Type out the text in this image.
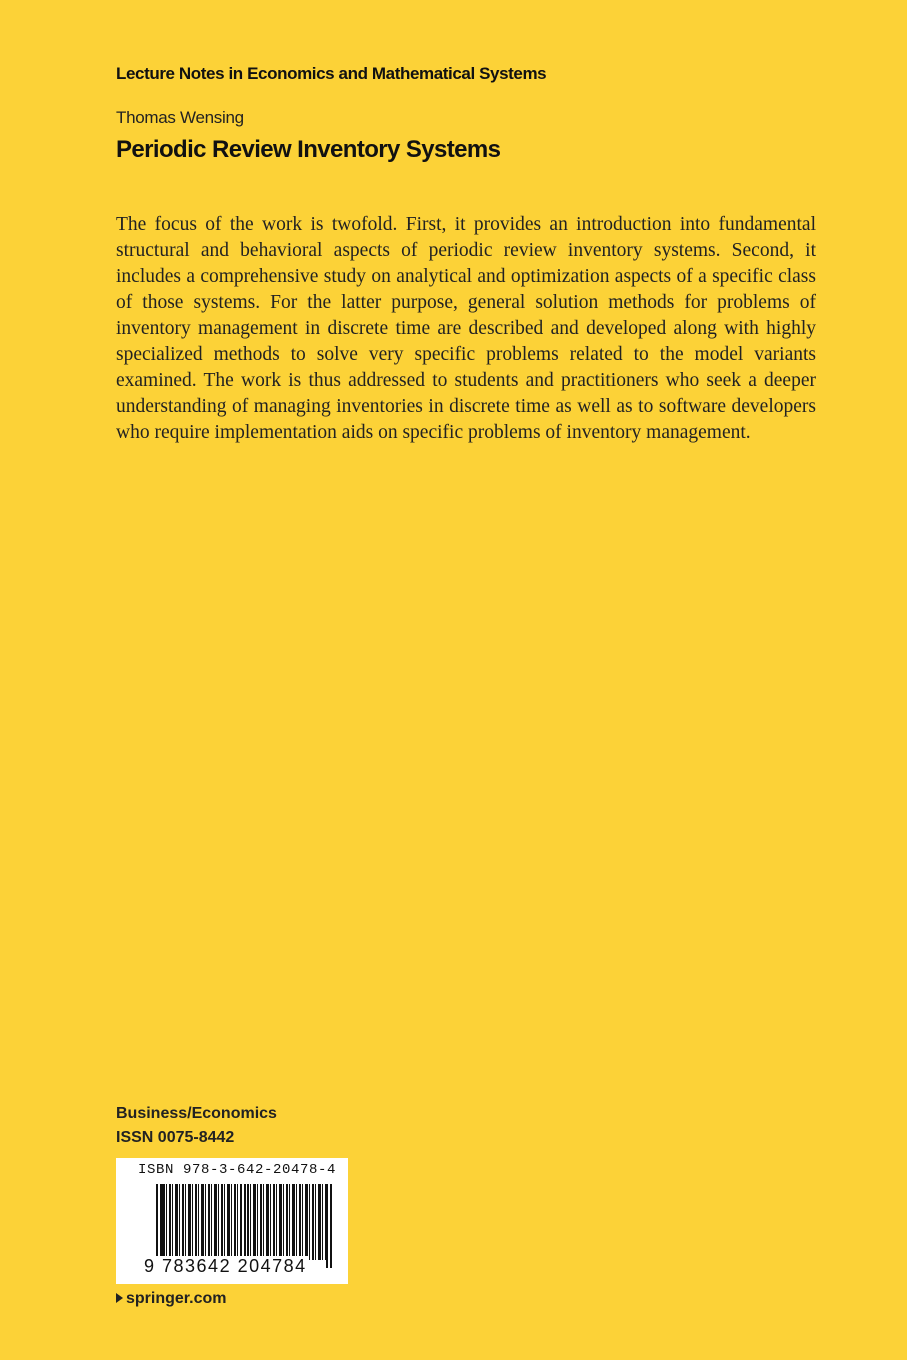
Lecture Notes in Economics and Mathematical Systems
Thomas Wensing
Periodic Review Inventory Systems
The focus of the work is twofold. First, it provides an introduction into fundamental structural and behavioral aspects of periodic review inventory systems. Second, it includes a comprehensive study on analytical and optimization aspects of a specific class of those systems. For the latter purpose, general solution methods for problems of inventory management in discrete time are described and developed along with highly specialized methods to solve very specific problems related to the model variants examined. The work is thus addressed to students and practitioners who seek a deeper understanding of managing inventories in discrete time as well as to software developers who require implementation aids on specific problems of inventory management.
Business/Economics
ISSN 0075-8442
ISBN 978-3-642-20478-4
9 783642 204784
springer.com
